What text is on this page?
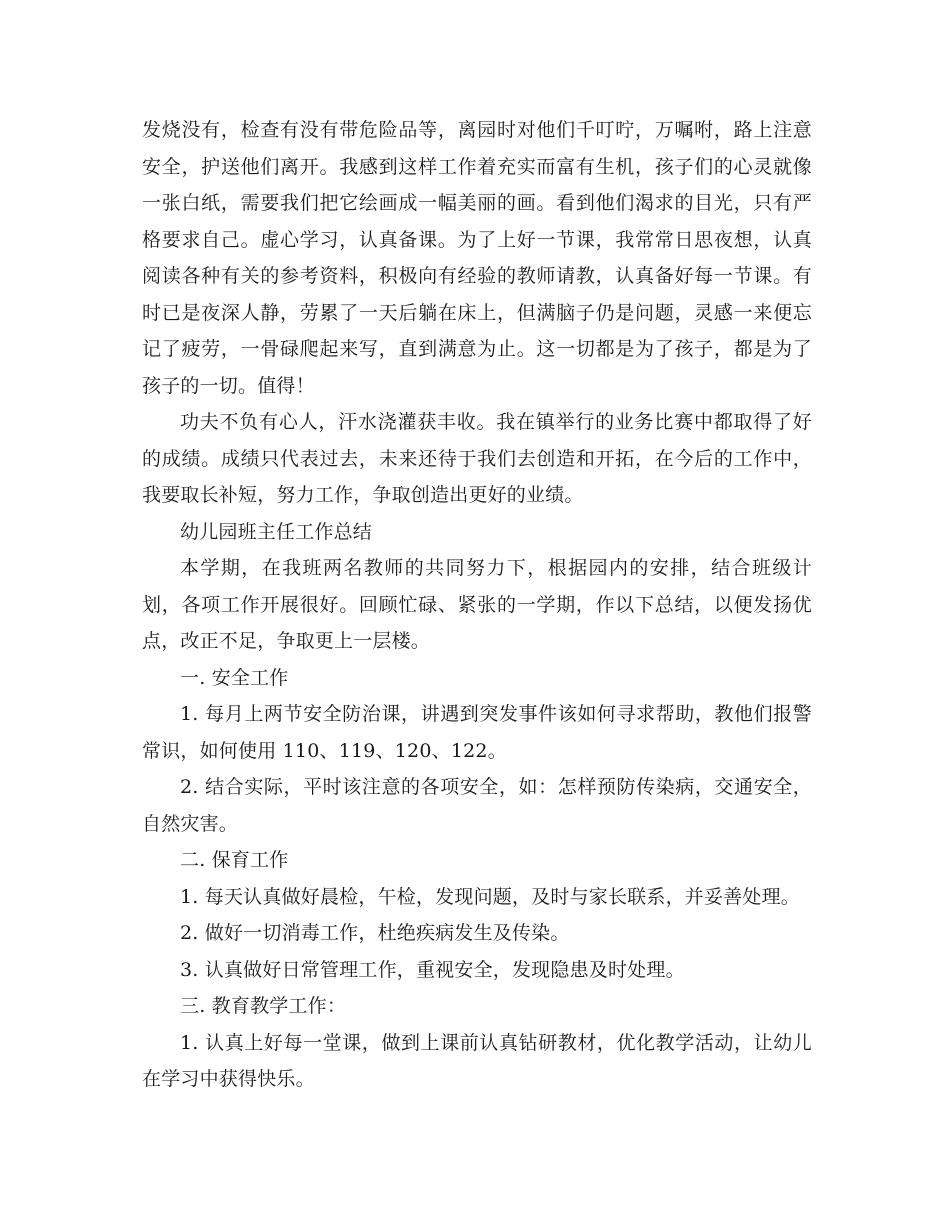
发烧没有，检查有没有带危险品等，离园时对他们千叮咛，万嘱咐，路上注意安全，护送他们离开。我感到这样工作着充实而富有生机，孩子们的心灵就像一张白纸，需要我们把它绘画成一幅美丽的画。看到他们渴求的目光，只有严格要求自己。虚心学习，认真备课。为了上好一节课，我常常日思夜想，认真阅读各种有关的参考资料，积极向有经验的教师请教，认真备好每一节课。有时已是夜深人静，劳累了一天后躺在床上，但满脑子仍是问题，灵感一来便忘记了疲劳，一骨碌爬起来写，直到满意为止。这一切都是为了孩子，都是为了孩子的一切。值得！

功夫不负有心人，汗水浇灌获丰收。我在镇举行的业务比赛中都取得了好的成绩。成绩只代表过去，未来还待于我们去创造和开拓，在今后的工作中，我要取长补短，努力工作，争取创造出更好的业绩。

幼儿园班主任工作总结

本学期，在我班两名教师的共同努力下，根据园内的安排，结合班级计划，各项工作开展很好。回顾忙碌、紧张的一学期，作以下总结，以便发扬优点，改正不足，争取更上一层楼。

一. 安全工作

1. 每月上两节安全防治课，讲遇到突发事件该如何寻求帮助，教他们报警常识，如何使用 110、119、120、122。

2. 结合实际，平时该注意的各项安全，如：怎样预防传染病，交通安全，自然灾害。

二. 保育工作

1. 每天认真做好晨检，午检，发现问题，及时与家长联系，并妥善处理。

2. 做好一切消毒工作，杜绝疾病发生及传染。

3. 认真做好日常管理工作，重视安全，发现隐患及时处理。

三. 教育教学工作：

1. 认真上好每一堂课，做到上课前认真钻研教材，优化教学活动，让幼儿在学习中获得快乐。
